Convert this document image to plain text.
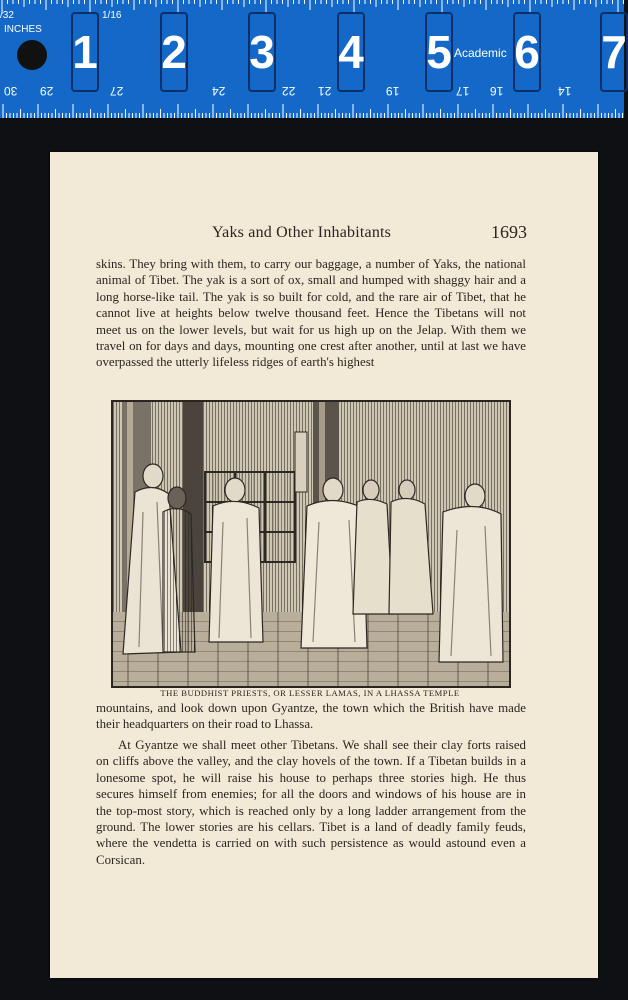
/32	1/16
INCHES 1 2 3 4 5 6 7
Academic
30 29	27	24	22 21	19	17 16	14
Yaks and Other Inhabitants	1693

skins. They bring with them, to carry our baggage, a number of Yaks, the national animal of Tibet. The yak is a sort of ox, small and humped with shaggy hair and a long horse-like tail. The yak is so built for cold, and the rare air of Tibet, that he cannot live at heights below twelve thousand feet. Hence the Tibetans will not meet us on the lower levels, but wait for us high up on the Jelap. With them we travel on for days and days, mounting one crest after another, until at last we have overpassed the utterly lifeless ridges of earth's highest

THE BUDDHIST PRIESTS, OR LESSER LAMAS, IN A LHASSA TEMPLE

mountains, and look down upon Gyantze, the town which the British have made their headquarters on their road to Lhassa.

At Gyantze we shall meet other Tibetans. We shall see their clay forts raised on cliffs above the valley, and the clay hovels of the town. If a Tibetan builds in a lonesome spot, he will raise his house to perhaps three stories high. He thus secures himself from enemies; for all the doors and windows of his house are in the top-most story, which is reached only by a long ladder arrangement from the ground. The lower stories are his cellars. Tibet is a land of deadly family feuds, where the vendetta is carried on with such persistence as would astound even a Corsican.
